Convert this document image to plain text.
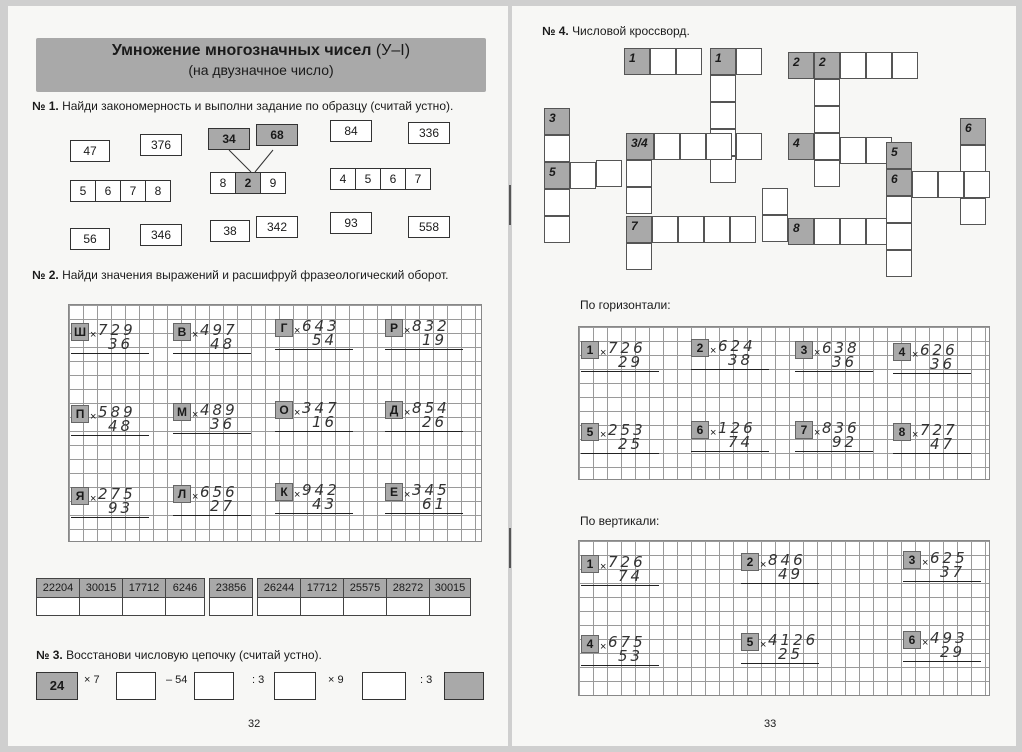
Умножение многозначных чисел (У–I)
(на двузначное число)
№ 1. Найди закономерность и выполни задание по образцу (считай устно).
47	376	34	68	84	336
5	6	7	8
8	2	9	4	5	6	7
56	346	38	342	93	558
№ 2. Найди значения выражений и расшифруй фразеологический оборот.
Ш × 729
36
В × 497
48
Г × 643
54
Р × 832
19
П × 589
48
М × 489
36
О × 347
16
Д × 854
26
Я × 275
93
Л × 656
27
К × 942
43
Е × 345
61
22204	30015	17712	6246	23856	26244	17712	25575	28272	30015
№ 3. Восстанови числовую цепочку (считай устно).
24	× 7	– 54	: 3	× 9	: 3
32
№ 4. Числовой кроссворд.
1	1	2	2
3
5
3/4
7
4
8
5
6
6
По горизонтали:
1 × 726
29
2 × 624
38
3 × 638
36
4 × 626
36
5 × 253
25
6 × 126
74
7 × 836
92
8 × 727
47
По вертикали:
1 × 726
74
2 × 846
49
3 × 625
37
4 × 675
53
5 × 4126
25
6 × 493
29
33
